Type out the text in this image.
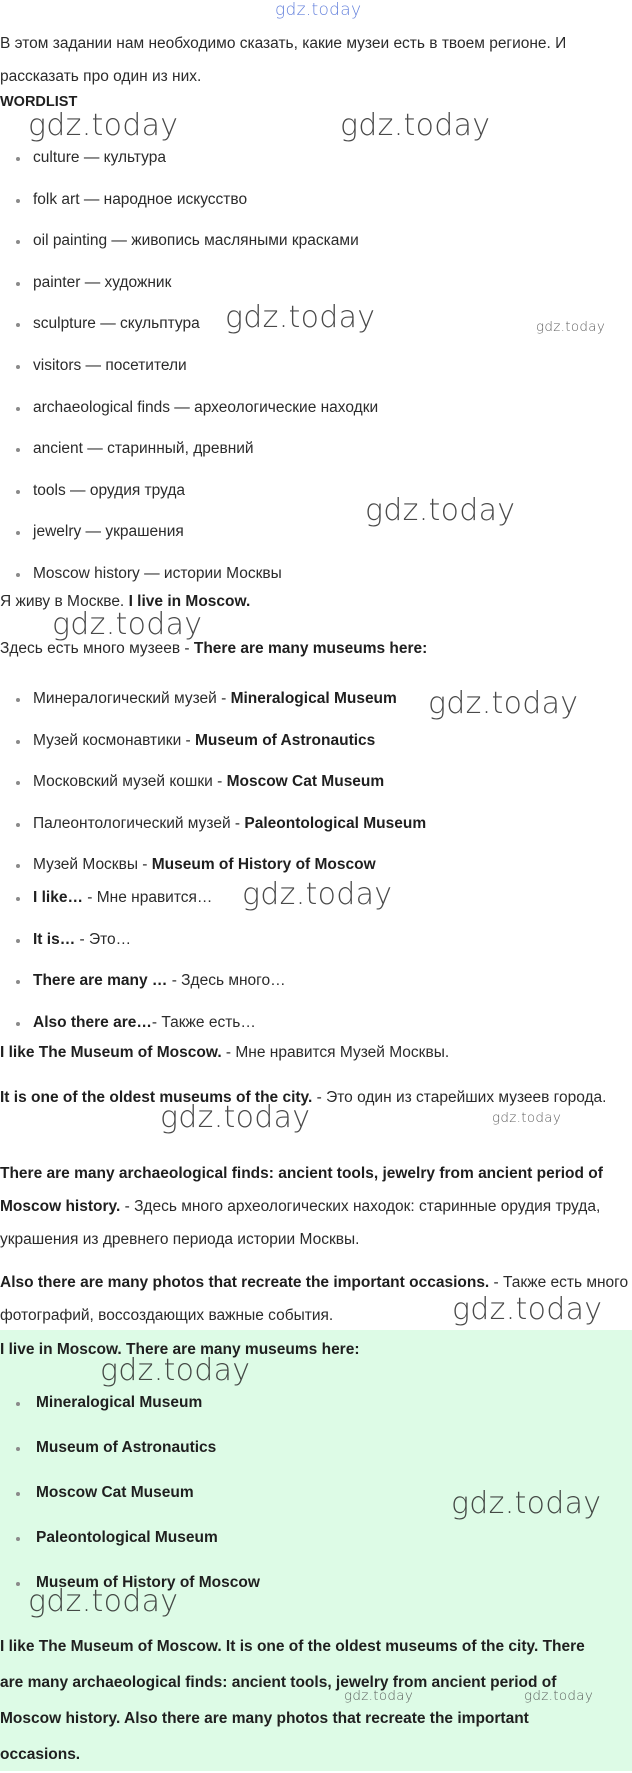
gdz.today

В этом задании нам необходимо сказать, какие музеи есть в твоем регионе. И рассказать про один из них.

WORDLIST

culture — культура
folk art — народное искусство
oil painting — живопись масляными красками
painter — художник
sculpture — скульптура
visitors — посетители
archaeological finds — археологические находки
ancient — старинный, древний
tools — орудия труда
jewelry — украшения
Moscow history — истории Москвы

Я живу в Москве. I live in Moscow.

Здесь есть много музеев - There are many museums here:

Минералогический музей - Mineralogical Museum
Музей космонавтики - Museum of Astronautics
Московский музей кошки - Moscow Cat Museum
Палеонтологический музей - Paleontological Museum
Музей Москвы - Museum of History of Moscow
I like… - Мне нравится…
It is… - Это…
There are many … - Здесь много…
Also there are…- Также есть…

I like The Museum of Moscow. - Мне нравится Музей Москвы.

It is one of the oldest museums of the city. - Это один из старейших музеев города.

There are many archaeological finds: ancient tools, jewelry from ancient period of Moscow history. - Здесь много археологических находок: старинные орудия труда, украшения из древнего периода истории Москвы.

Also there are many photos that recreate the important occasions. - Также есть много фотографий, воссоздающих важные события.

I live in Moscow. There are many museums here:

Mineralogical Museum
Museum of Astronautics
Moscow Cat Museum
Paleontological Museum
Museum of History of Moscow

I like The Museum of Moscow. It is one of the oldest museums of the city. There are many archaeological finds: ancient tools, jewelry from ancient period of Moscow history. Also there are many photos that recreate the important occasions.

gdz.today	gdz.today
gdz.today	gdz.today
gdz.today
gdz.today
gdz.today
gdz.today
gdz.today	gdz.today
gdz.today
gdz.today
gdz.today
gdz.today
gdz.today	gdz.today
